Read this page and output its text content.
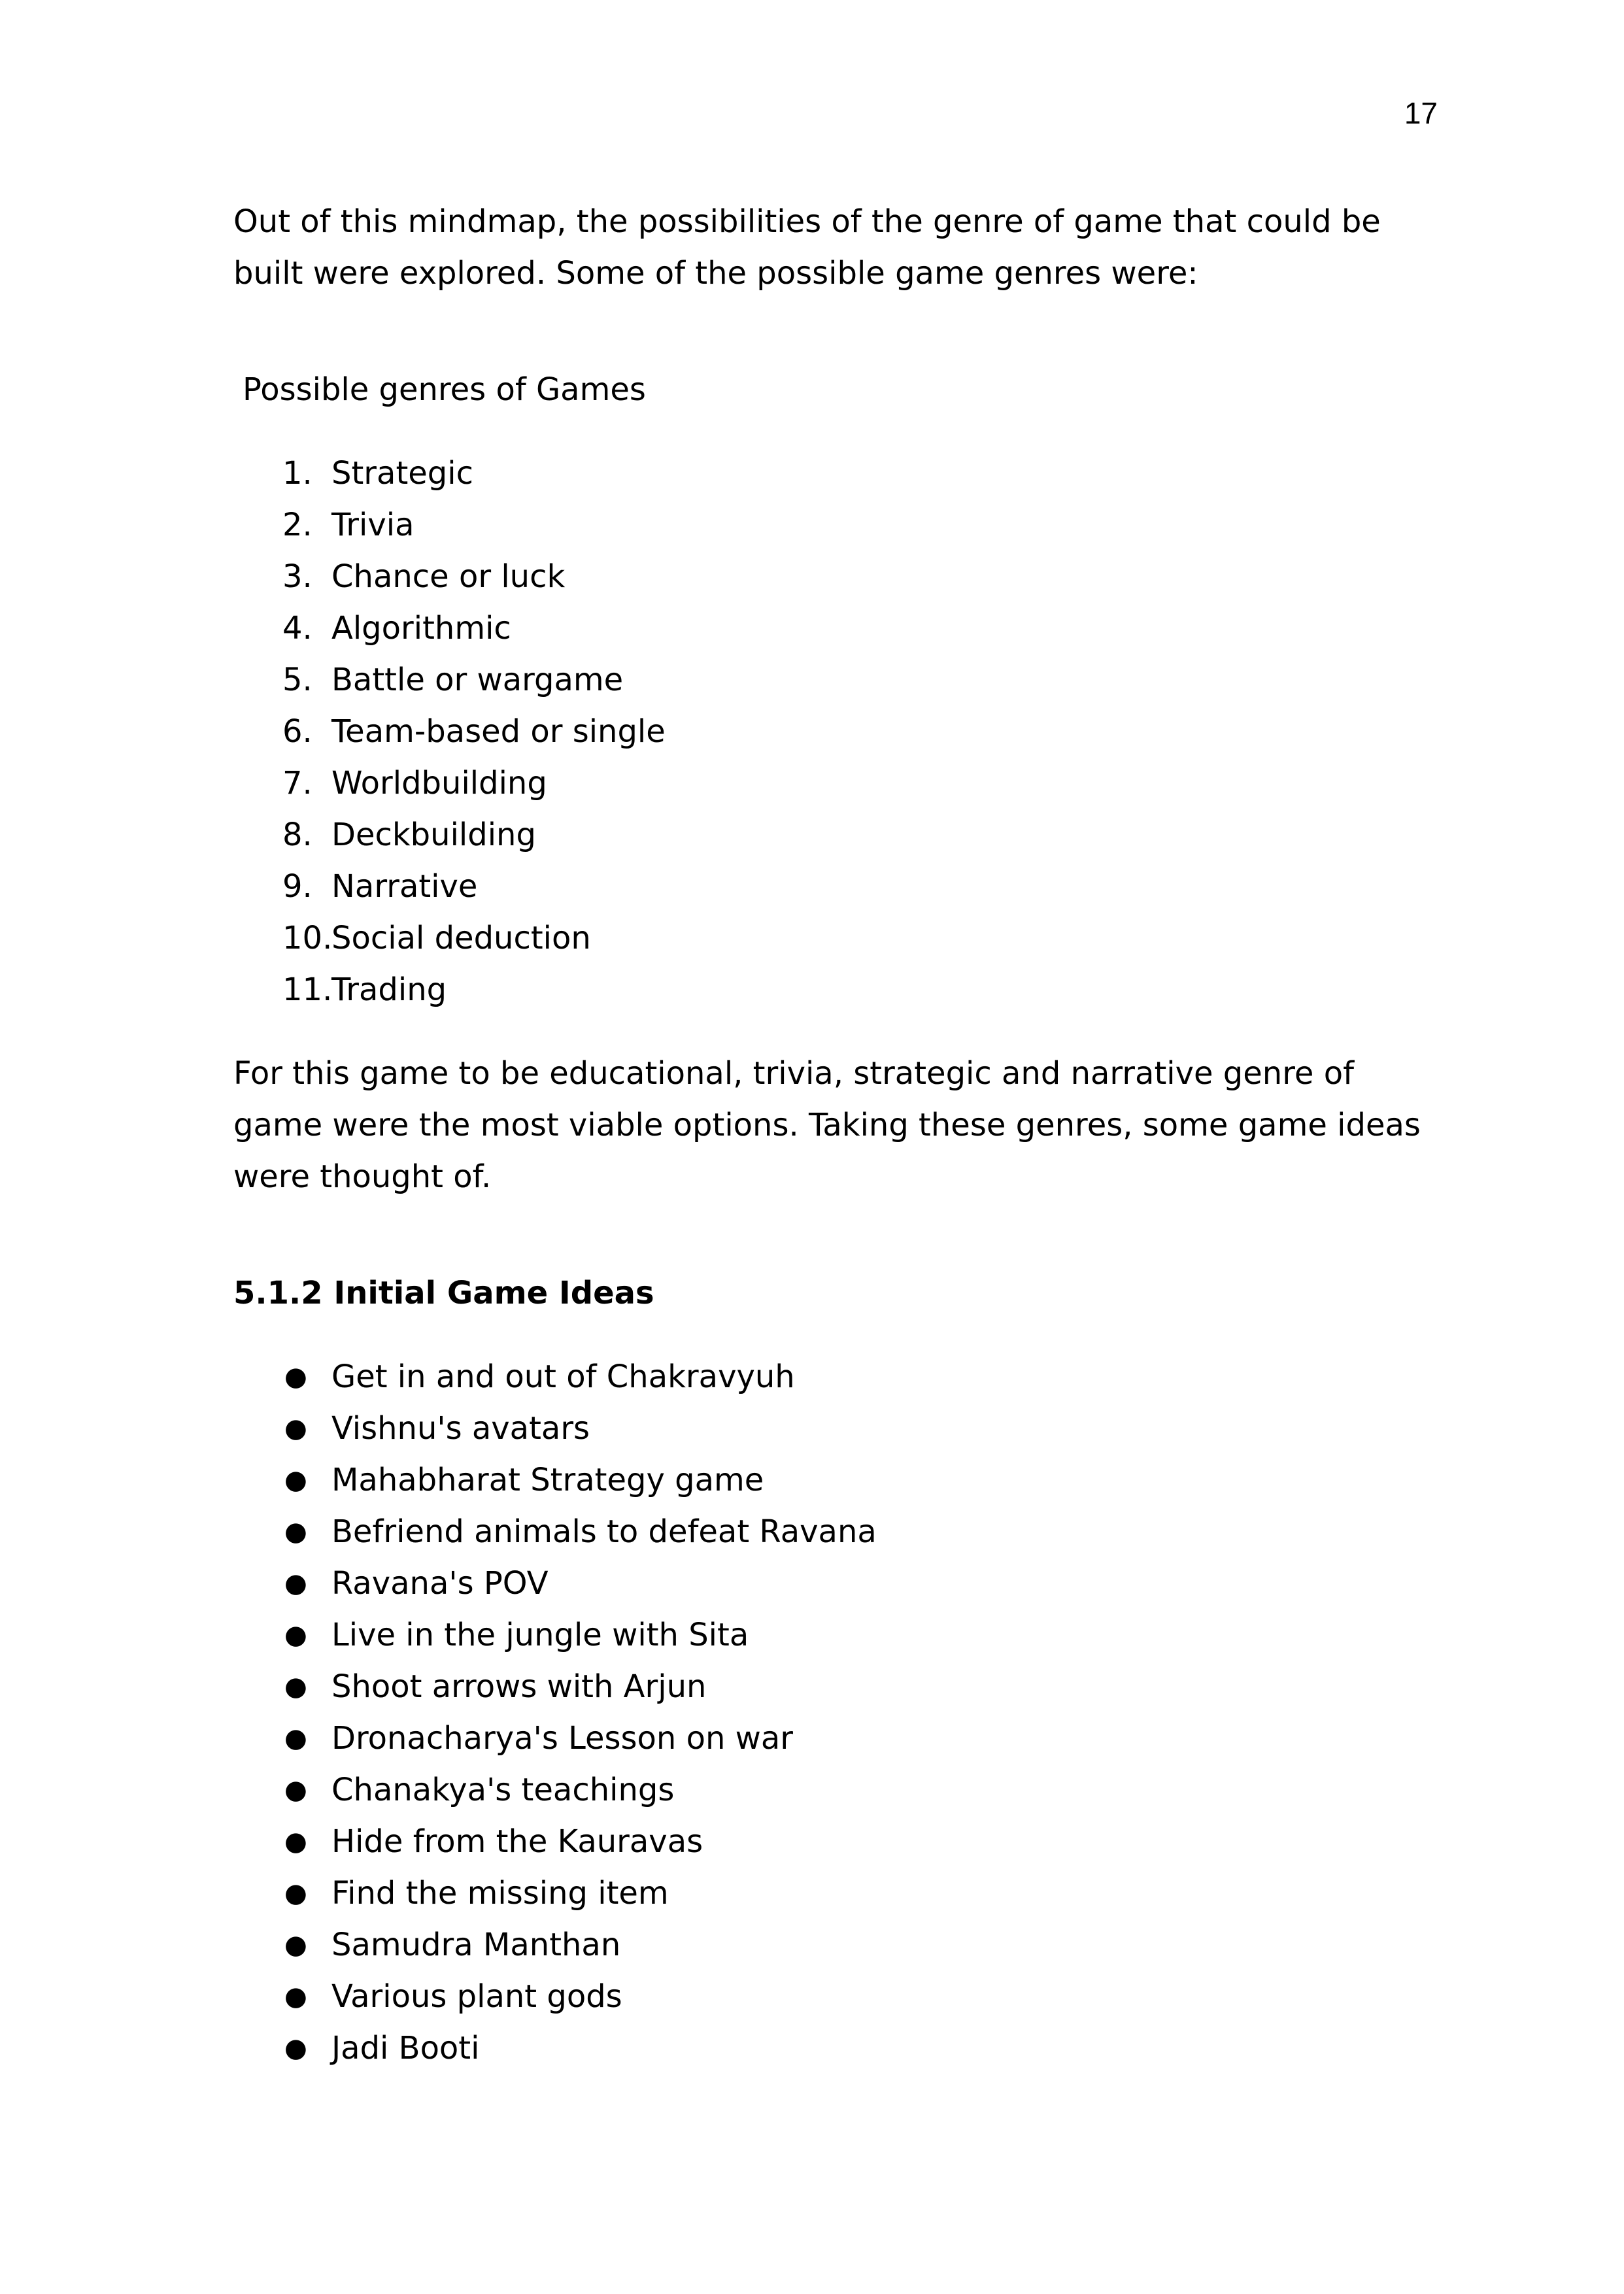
17

Out of this mindmap, the possibilities of the genre of game that could be built were explored. Some of the possible game genres were:

Possible genres of Games
1. Strategic
2. Trivia
3. Chance or luck
4. Algorithmic
5. Battle or wargame
6. Team-based or single
7. Worldbuilding
8. Deckbuilding
9. Narrative
10.
Social deduction
11.
Trading

For this game to be educational, trivia, strategic and narrative genre of game were the most viable options. Taking these genres, some game ideas were thought of.

5.1.2 Initial Game Ideas
● Get in and out of Chakravyuh
● Vishnu's avatars
● Mahabharat Strategy game
● Befriend animals to defeat Ravana
● Ravana's POV
● Live in the jungle with Sita
● Shoot arrows with Arjun
● Dronacharya's Lesson on war
● Chanakya's teachings
● Hide from the Kauravas
● Find the missing item
● Samudra Manthan
● Various plant gods
● Jadi Booti
